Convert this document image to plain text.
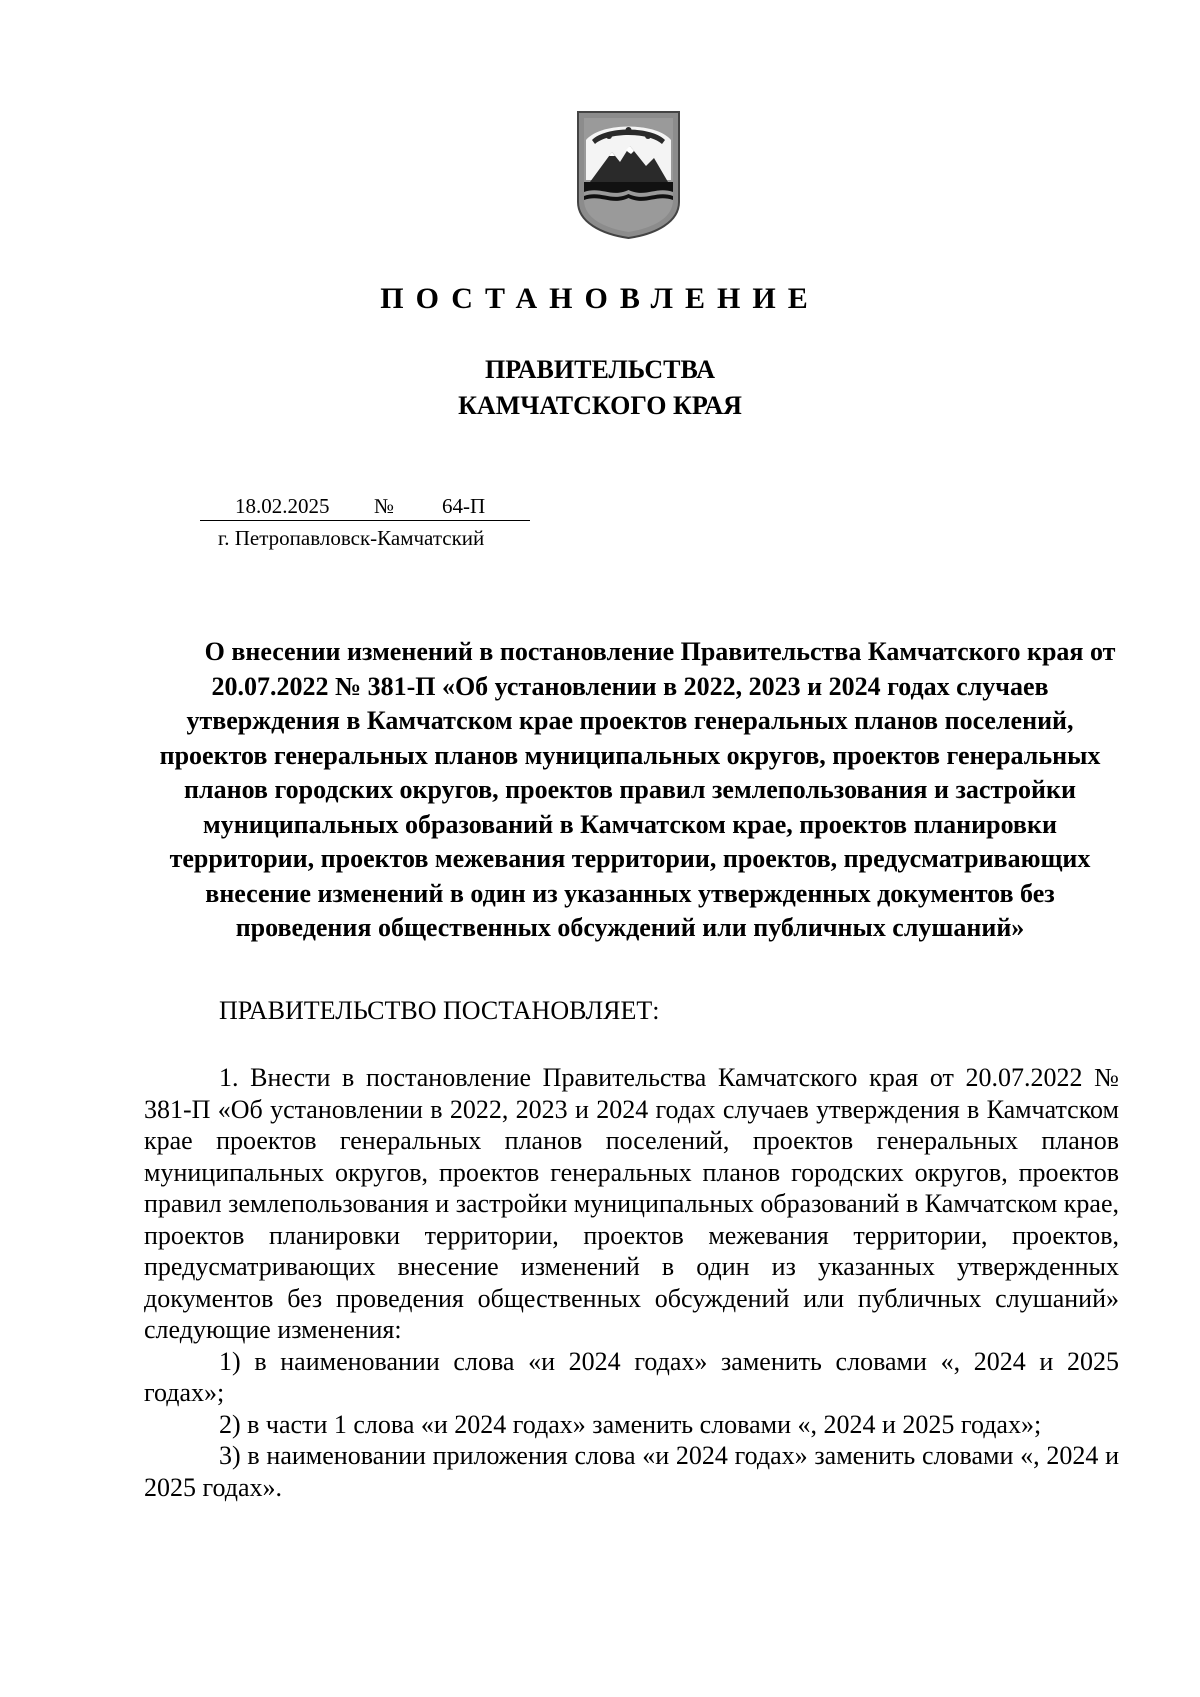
ПОСТАНОВЛЕНИЕ
ПРАВИТЕЛЬСТВА
КАМЧАТСКОГО КРАЯ
18.02.2025 № 64-П
г. Петропавловск-Камчатский

О внесении изменений в постановление Правительства Камчатского края от 20.07.2022 № 381-П «Об установлении в 2022, 2023 и 2024 годах случаев утверждения в Камчатском крае проектов генеральных планов поселений, проектов генеральных планов муниципальных округов, проектов генеральных планов городских округов, проектов правил землепользования и застройки муниципальных образований в Камчатском крае, проектов планировки территории, проектов межевания территории, проектов, предусматривающих внесение изменений в один из указанных утвержденных документов без проведения общественных обсуждений или публичных слушаний»

ПРАВИТЕЛЬСТВО ПОСТАНОВЛЯЕТ:

1. Внести в постановление Правительства Камчатского края от 20.07.2022 № 381-П «Об установлении в 2022, 2023 и 2024 годах случаев утверждения в Камчатском крае проектов генеральных планов поселений, проектов генеральных планов муниципальных округов, проектов генеральных планов городских округов, проектов правил землепользования и застройки муниципальных образований в Камчатском крае, проектов планировки территории, проектов межевания территории, проектов, предусматривающих внесение изменений в один из указанных утвержденных документов без проведения общественных обсуждений или публичных слушаний» следующие изменения:

1) в наименовании слова «и 2024 годах» заменить словами «, 2024 и 2025 годах»;

2) в части 1 слова «и 2024 годах» заменить словами «, 2024 и 2025 годах»;

3) в наименовании приложения слова «и 2024 годах» заменить словами «, 2024 и 2025 годах».
